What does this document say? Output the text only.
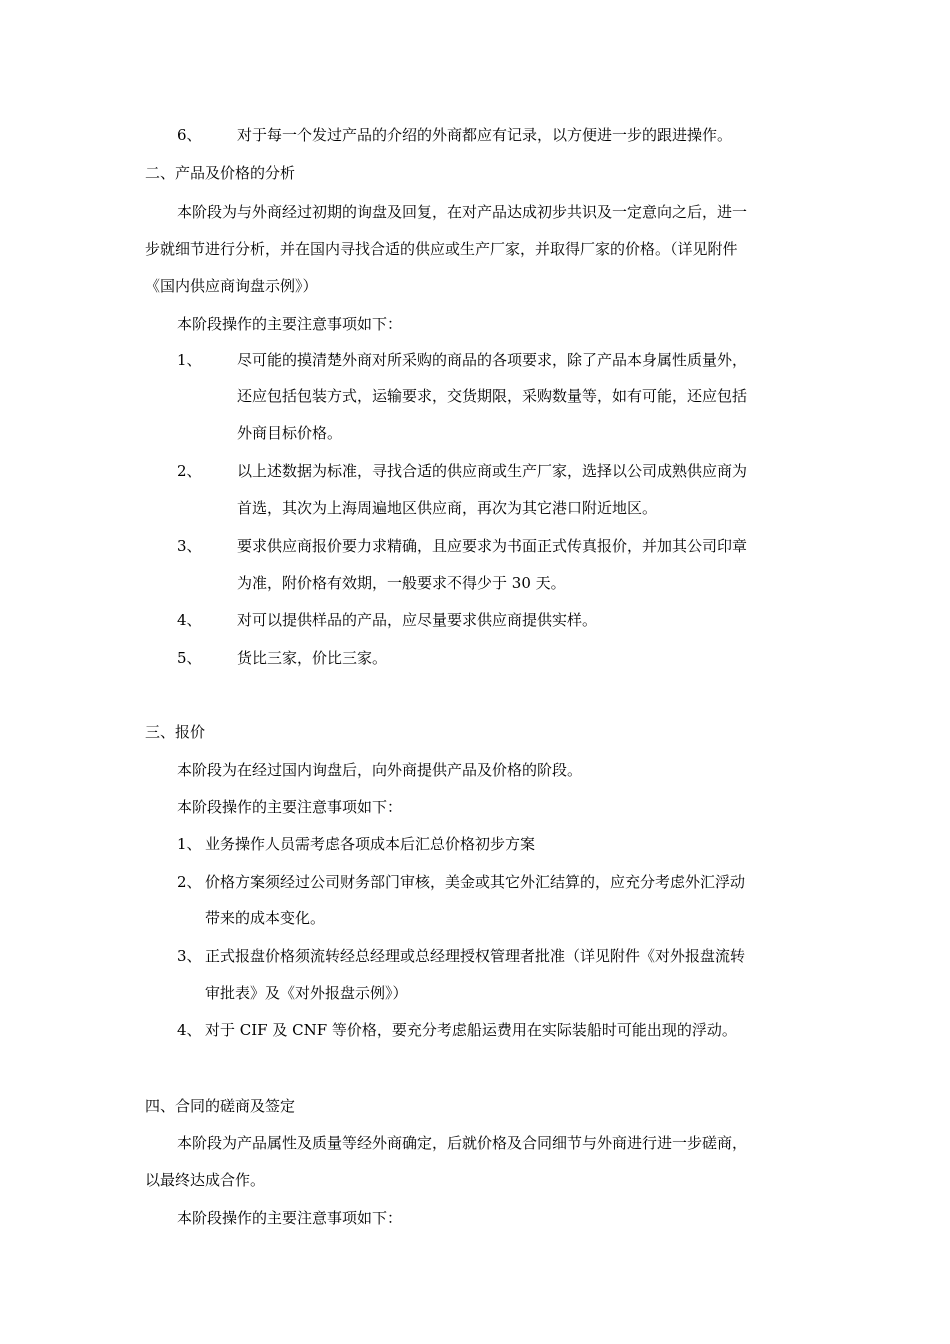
6、 对于每一个发过产品的介绍的外商都应有记录，以方便进一步的跟进操作。
二、产品及价格的分析
本阶段为与外商经过初期的询盘及回复，在对产品达成初步共识及一定意向之后，进一
步就细节进行分析，并在国内寻找合适的供应或生产厂家，并取得厂家的价格。（详见附件
《国内供应商询盘示例》）
本阶段操作的主要注意事项如下：
1、 尽可能的摸清楚外商对所采购的商品的各项要求，除了产品本身属性质量外，
还应包括包装方式，运输要求，交货期限，采购数量等，如有可能，还应包括
外商目标价格。
2、 以上述数据为标准，寻找合适的供应商或生产厂家，选择以公司成熟供应商为
首选，其次为上海周遍地区供应商，再次为其它港口附近地区。
3、 要求供应商报价要力求精确，且应要求为书面正式传真报价，并加其公司印章
为准，附价格有效期，一般要求不得少于 30 天。
4、 对可以提供样品的产品，应尽量要求供应商提供实样。
5、 货比三家，价比三家。
三、报价
本阶段为在经过国内询盘后，向外商提供产品及价格的阶段。
本阶段操作的主要注意事项如下：
1、 业务操作人员需考虑各项成本后汇总价格初步方案
2、 价格方案须经过公司财务部门审核，美金或其它外汇结算的，应充分考虑外汇浮动
带来的成本变化。
3、 正式报盘价格须流转经总经理或总经理授权管理者批准（详见附件《对外报盘流转
审批表》及《对外报盘示例》）
4、 对于 CIF 及 CNF 等价格，要充分考虑船运费用在实际装船时可能出现的浮动。
四、合同的磋商及签定
本阶段为产品属性及质量等经外商确定，后就价格及合同细节与外商进行进一步磋商，
以最终达成合作。
本阶段操作的主要注意事项如下：
